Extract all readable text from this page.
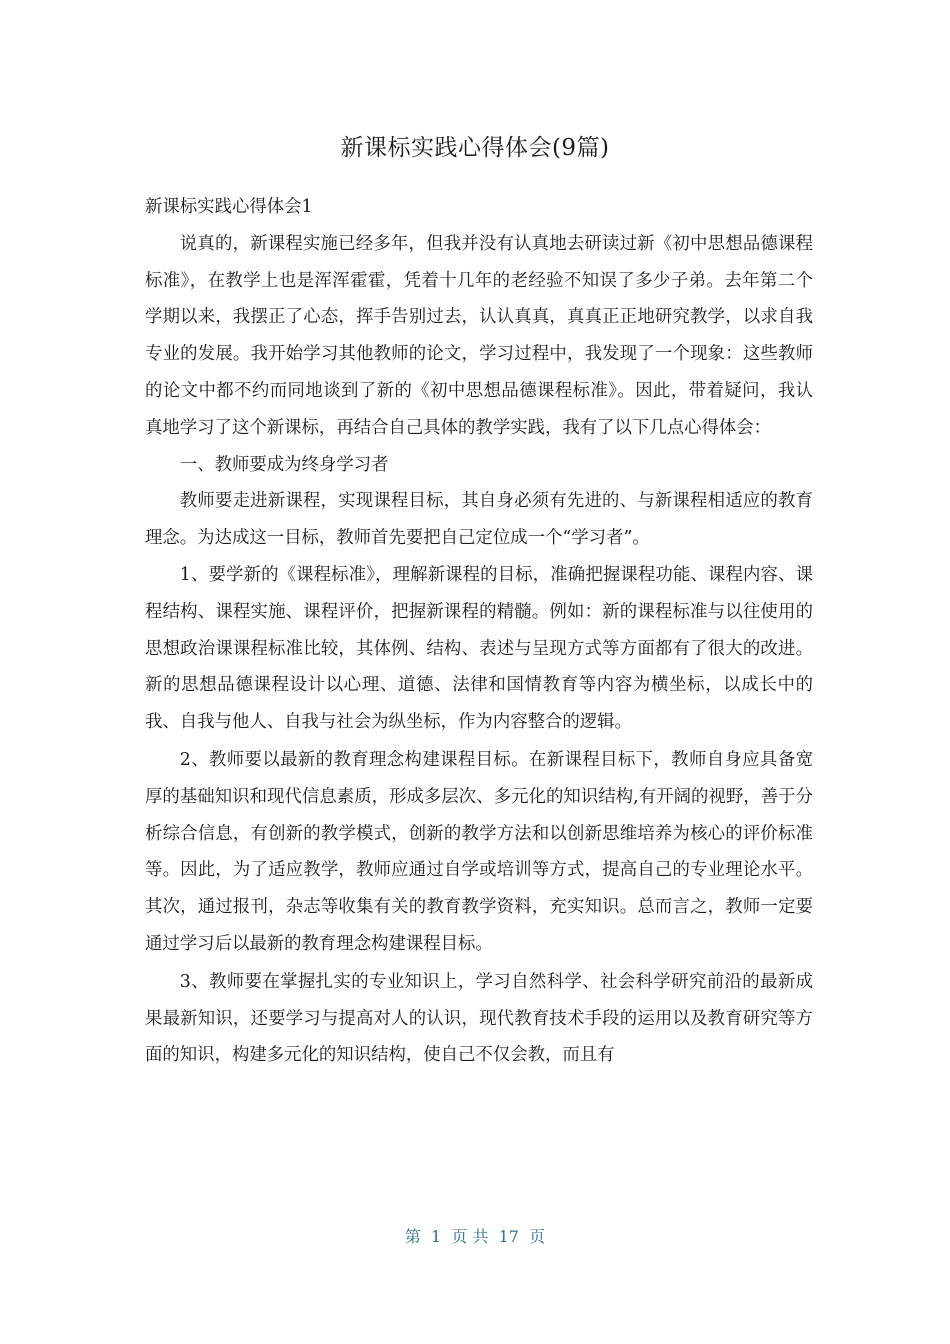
新课标实践心得体会(9篇)

新课标实践心得体会1

说真的，新课程实施已经多年，但我并没有认真地去研读过新《初中思想品德课程标准》，在教学上也是浑浑霍霍，凭着十几年的老经验不知误了多少子弟。去年第二个学期以来，我摆正了心态，挥手告别过去，认认真真，真真正正地研究教学，以求自我专业的发展。我开始学习其他教师的论文，学习过程中，我发现了一个现象：这些教师的论文中都不约而同地谈到了新的《初中思想品德课程标准》。因此，带着疑问，我认真地学习了这个新课标，再结合自己具体的教学实践，我有了以下几点心得体会：

一、教师要成为终身学习者

教师要走进新课程，实现课程目标，其自身必须有先进的、与新课程相适应的教育理念。为达成这一目标，教师首先要把自己定位成一个“学习者”。

1、要学新的《课程标准》，理解新课程的目标，准确把握课程功能、课程内容、课程结构、课程实施、课程评价，把握新课程的精髓。例如：新的课程标准与以往使用的思想政治课课程标准比较，其体例、结构、表述与呈现方式等方面都有了很大的改进。新的思想品德课程设计以心理、道德、法律和国情教育等内容为横坐标，以成长中的我、自我与他人、自我与社会为纵坐标，作为内容整合的逻辑。

2、教师要以最新的教育理念构建课程目标。在新课程目标下，教师自身应具备宽厚的基础知识和现代信息素质，形成多层次、多元化的知识结构,有开阔的视野，善于分析综合信息，有创新的教学模式，创新的教学方法和以创新思维培养为核心的评价标准等。因此，为了适应教学，教师应通过自学或培训等方式，提高自己的专业理论水平。其次，通过报刊，杂志等收集有关的教育教学资料，充实知识。总而言之，教师一定要通过学习后以最新的教育理念构建课程目标。

3、教师要在掌握扎实的专业知识上，学习自然科学、社会科学研究前沿的最新成果最新知识，还要学习与提高对人的认识，现代教育技术手段的运用以及教育研究等方面的知识，构建多元化的知识结构，使自己不仅会教，而且有

第  1  页 共  17  页
